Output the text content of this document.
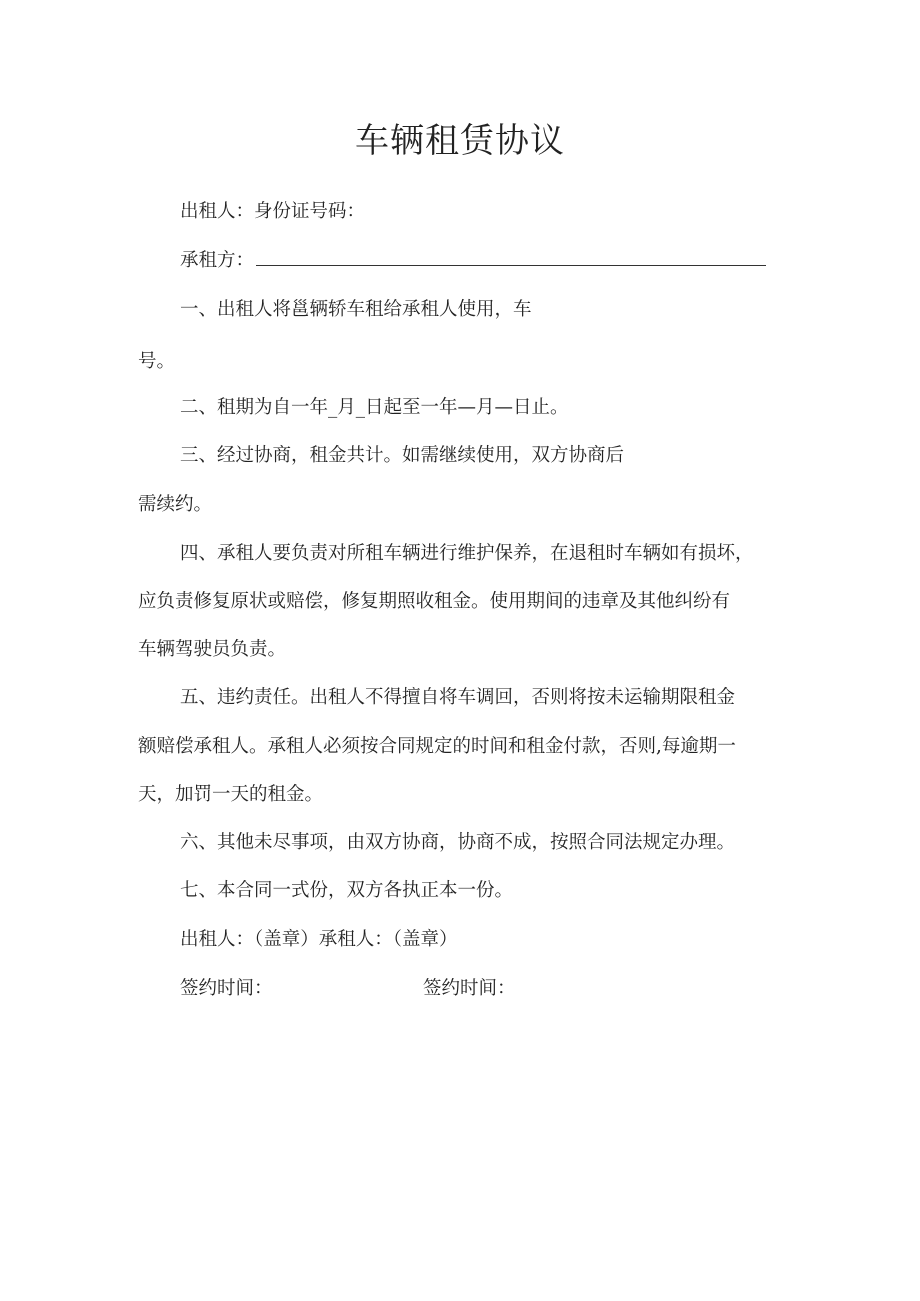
车辆租赁协议
出租人：身份证号码：
承租方：
一、出租人将邕辆轿车租给承租人使用，车
号。
二、租期为自一年_月_日起至一年—月—日止。
三、经过协商，租金共计。如需继续使用，双方协商后
需续约。
四、承租人要负责对所租车辆进行维护保养，在退租时车辆如有损坏，
应负责修复原状或赔偿，修复期照收租金。使用期间的违章及其他纠纷有
车辆驾驶员负责。
五、违约责任。出租人不得擅自将车调回，否则将按未运输期限租金
额赔偿承租人。承租人必须按合同规定的时间和租金付款，否则,每逾期一
天，加罚一天的租金。
六、其他未尽事项，由双方协商，协商不成，按照合同法规定办理。
七、本合同一式份，双方各执正本一份。
出租人：（盖章）承租人：（盖章）
签约时间：	签约时间：
